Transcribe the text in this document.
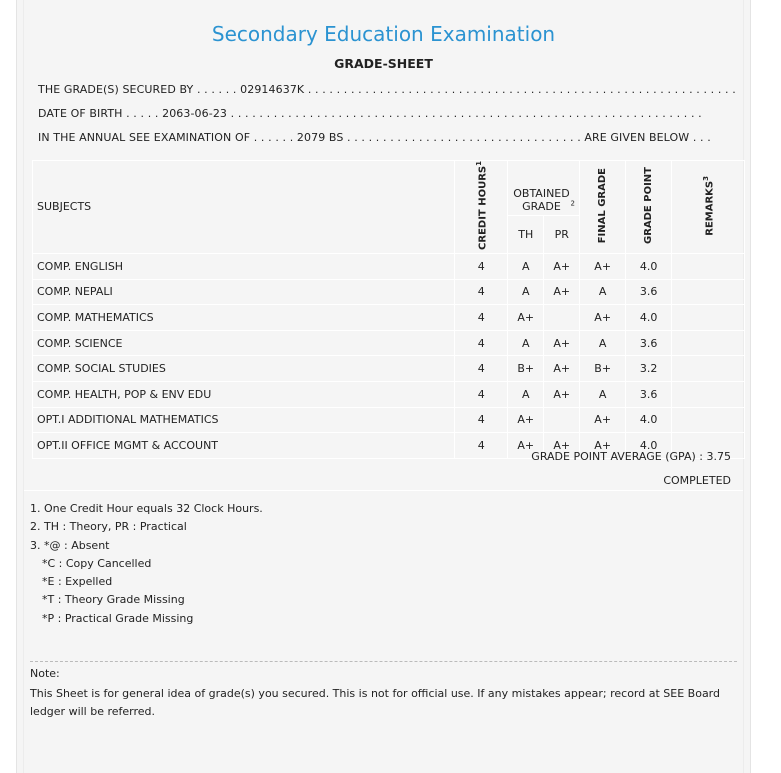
Secondary Education Examination
GRADE-SHEET
THE GRADE(S) SECURED BY . . . . . . 02914637K . . . . . . . . . . . . . . . . . . . . . . . . . . . . . . . . . . . . . . . . . . . . . . . . . . . . . . . . . . . .
DATE OF BIRTH . . . . . 2063-06-23 . . . . . . . . . . . . . . . . . . . . . . . . . . . . . . . . . . . . . . . . . . . . . . . . . . . . . . . . . . . . . . . . . .
IN THE ANNUAL SEE EXAMINATION OF . . . . . . 2079 BS . . . . . . . . . . . . . . . . . . . . . . . . . . . . . . . . . ARE GIVEN BELOW . . .
SUBJECTS	CREDIT HOURS$^1$	OBTAINED GRADE $^2$		FINAL GRADE	GRADE POINT	REMARKS$^3$
		TH	PR			
COMP. ENGLISH	4	A	A+	A+	4.0	
COMP. NEPALI	4	A	A+	A	3.6	
COMP. MATHEMATICS	4	A+		A+	4.0	
COMP. SCIENCE	4	A	A+	A	3.6	
COMP. SOCIAL STUDIES	4	B+	A+	B+	3.2	
COMP. HEALTH, POP & ENV EDU	4	A	A+	A	3.6	
OPT.I ADDITIONAL MATHEMATICS	4	A+		A+	4.0	
OPT.II OFFICE MGMT & ACCOUNT	4	A+	A+	A+	4.0	
GRADE POINT AVERAGE (GPA) : 3.75
COMPLETED
1. One Credit Hour equals 32 Clock Hours.
2. TH : Theory, PR : Practical
3. *@ : Absent
*C : Copy Cancelled
*E : Expelled
*T : Theory Grade Missing
*P : Practical Grade Missing
Note:
This Sheet is for general idea of grade(s) you secured. This is not for official use. If any mistakes appear; record at SEE Board ledger will be referred.
